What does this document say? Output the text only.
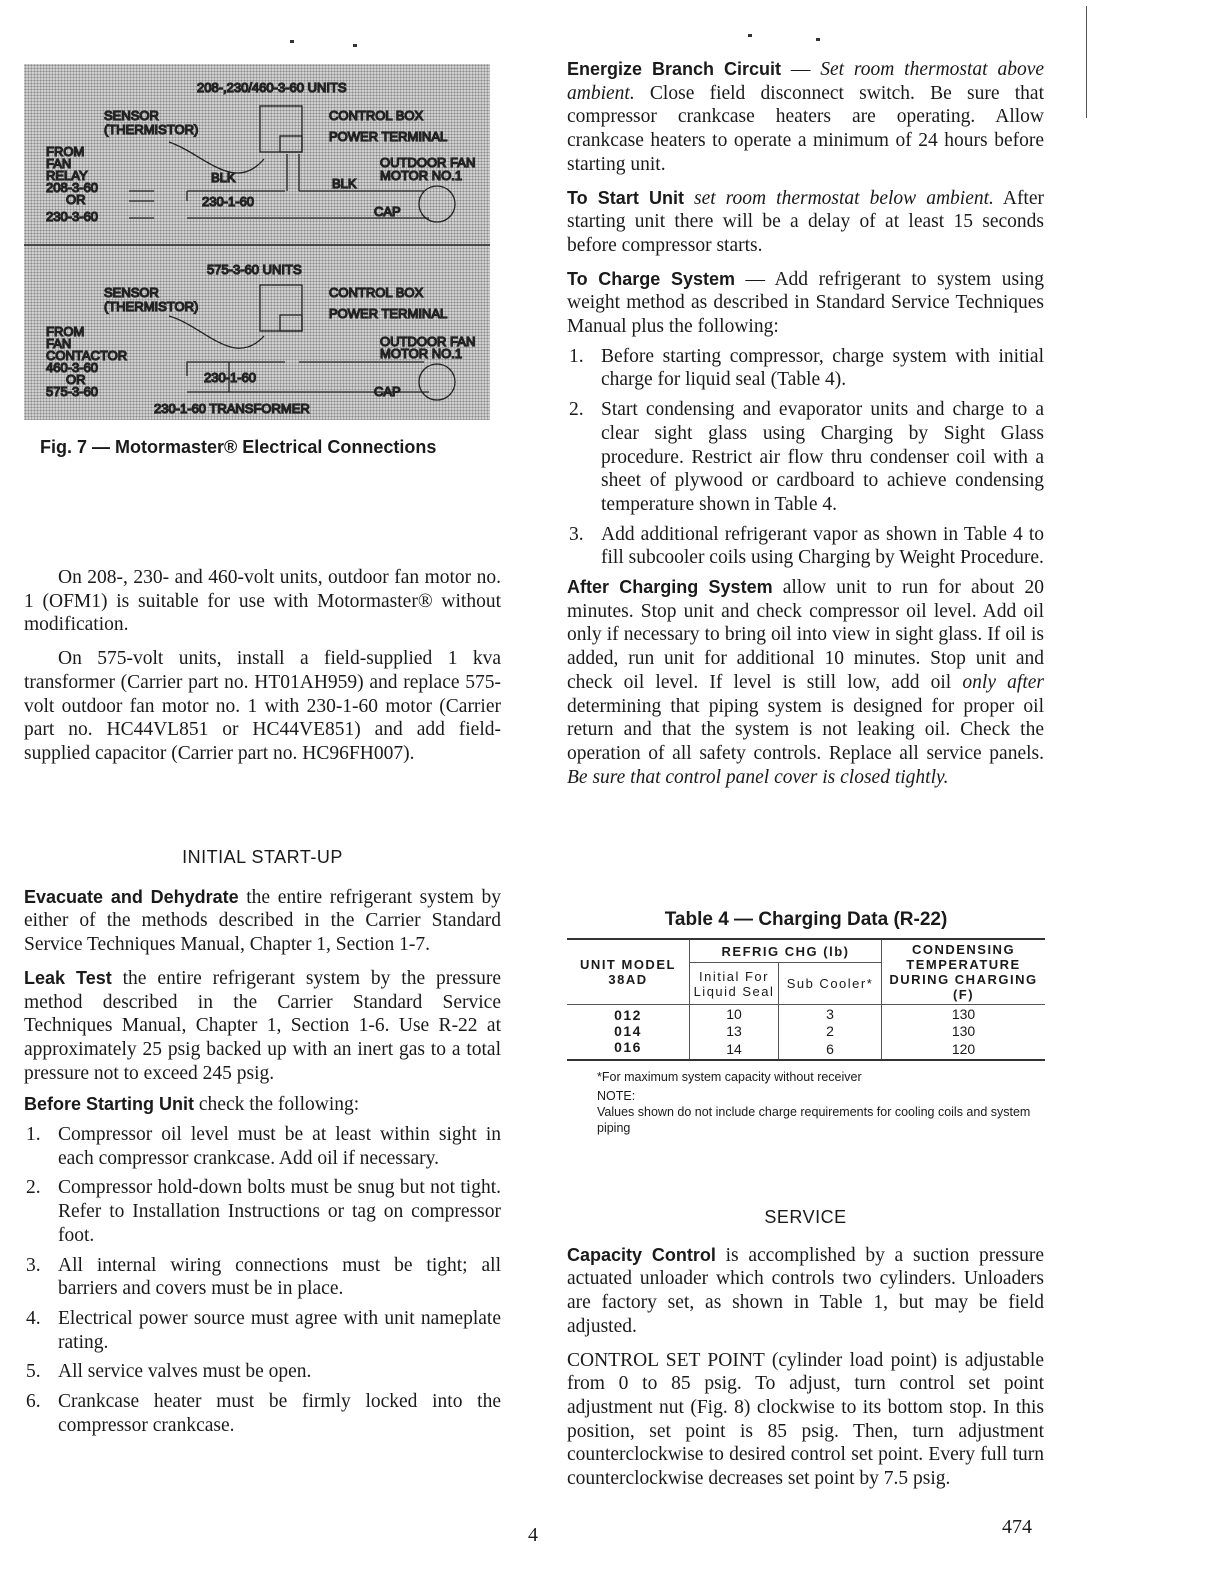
208-,230/460-3-60 UNITS
SENSOR
(THERMISTOR)
CONTROL BOX
POWER TERMINAL
OUTDOOR FAN
MOTOR NO.1
FROM
FAN
RELAY
208-3-60
OR
230-3-60
BLK	BLK
230-1-60
CAP
575-3-60 UNITS
SENSOR
(THERMISTOR)
CONTROL BOX
POWER TERMINAL
OUTDOOR FAN
MOTOR NO.1
FROM
FAN
CONTACTOR
460-3-60
OR
575-3-60
230-1-60
CAP
230-1-60 TRANSFORMER
Fig. 7 — Motormaster® Electrical Connections

On 208-, 230- and 460-volt units, outdoor fan motor no. 1 (OFM1) is suitable for use with Motormaster® without modification.

On 575-volt units, install a field-supplied 1 kva transformer (Carrier part no. HT01AH959) and replace 575-volt outdoor fan motor no. 1 with 230-1-60 motor (Carrier part no. HC44VL851 or HC44VE851) and add field-supplied capacitor (Carrier part no. HC96FH007).

INITIAL START-UP

Evacuate and Dehydrate the entire refrigerant system by either of the methods described in the Carrier Standard Service Techniques Manual, Chapter 1, Section 1-7.

Leak Test the entire refrigerant system by the pressure method described in the Carrier Standard Service Techniques Manual, Chapter 1, Section 1-6. Use R-22 at approximately 25 psig backed up with an inert gas to a total pressure not to exceed 245 psig.

Before Starting Unit check the following:

1. Compressor oil level must be at least within sight in each compressor crankcase. Add oil if necessary.
2. Compressor hold-down bolts must be snug but not tight. Refer to Installation Instructions or tag on compressor foot.
3. All internal wiring connections must be tight; all barriers and covers must be in place.
4. Electrical power source must agree with unit nameplate rating.
5. All service valves must be open.
6. Crankcase heater must be firmly locked into the compressor crankcase.

Energize Branch Circuit — Set room thermostat above ambient. Close field disconnect switch. Be sure that compressor crankcase heaters are operating. Allow crankcase heaters to operate a minimum of 24 hours before starting unit.

To Start Unit set room thermostat below ambient. After starting unit there will be a delay of at least 15 seconds before compressor starts.

To Charge System — Add refrigerant to system using weight method as described in Standard Service Techniques Manual plus the following:

1. Before starting compressor, charge system with initial charge for liquid seal (Table 4).
2. Start condensing and evaporator units and charge to a clear sight glass using Charging by Sight Glass procedure. Restrict air flow thru condenser coil with a sheet of plywood or cardboard to achieve condensing temperature shown in Table 4.
3. Add additional refrigerant vapor as shown in Table 4 to fill subcooler coils using Charging by Weight Procedure.

After Charging System allow unit to run for about 20 minutes. Stop unit and check compressor oil level. Add oil only if necessary to bring oil into view in sight glass. If oil is added, run unit for additional 10 minutes. Stop unit and check oil level. If level is still low, add oil only after determining that piping system is designed for proper oil return and that the system is not leaking oil. Check the operation of all safety controls. Replace all service panels. Be sure that control panel cover is closed tightly.

Table 4 — Charging Data (R-22)
UNIT MODEL 38AD	REFRIG CHG (lb)		CONDENSING TEMPERATURE DURING CHARGING (F)
	Initial For Liquid Seal	Sub Cooler*	
012	10	3	130
014	13	2	130
016	14	6	120
*For maximum system capacity without receiver
NOTE:
Values shown do not include charge requirements for cooling coils and system piping
SERVICE

Capacity Control is accomplished by a suction pressure actuated unloader which controls two cylinders. Unloaders are factory set, as shown in Table 1, but may be field adjusted.

CONTROL SET POINT (cylinder load point) is adjustable from 0 to 85 psig. To adjust, turn control set point adjustment nut (Fig. 8) clockwise to its bottom stop. In this position, set point is 85 psig. Then, turn adjustment counterclockwise to desired control set point. Every full turn counterclockwise decreases set point by 7.5 psig.

4	474
